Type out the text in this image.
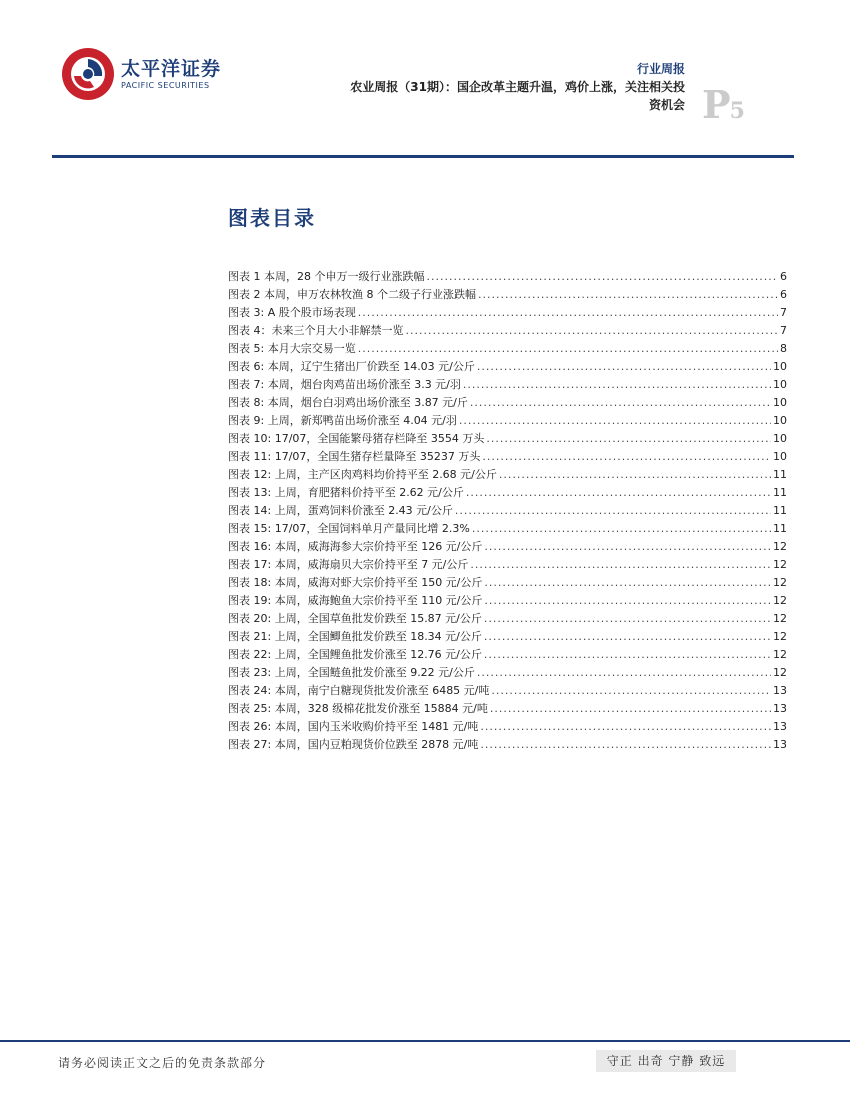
太平洋证券
PACIFIC SECURITIES
行业周报
农业周报（31期）：国企改革主题升温，鸡价上涨，关注相关投
资机会 P5
图表目录
图表 1 本周，28 个申万一级行业涨跌幅 .....	6
图表 2 本周，申万农林牧渔 8 个二级子行业涨跌幅 .....	6
图表 3: A 股个股市场表现 .....	7
图表 4：未来三个月大小非解禁一览 .....	7
图表 5: 本月大宗交易一览 .....	8
图表 6: 本周，辽宁生猪出厂价跌至 14.03 元/公斤 .....	10
图表 7: 本周，烟台肉鸡苗出场价涨至 3.3 元/羽 .....	10
图表 8: 本周，烟台白羽鸡出场价涨至 3.87 元/斤 .....	10
图表 9: 上周，新郑鸭苗出场价涨至 4.04 元/羽 .....	10
图表 10: 17/07，全国能繁母猪存栏降至 3554 万头 .....	10
图表 11: 17/07，全国生猪存栏量降至 35237 万头 .....	10
图表 12: 上周，主产区肉鸡料均价持平至 2.68 元/公斤 .....	11
图表 13: 上周，育肥猪料价持平至 2.62 元/公斤 .....	11
图表 14: 上周，蛋鸡饲料价涨至 2.43 元/公斤 .....	11
图表 15: 17/07，全国饲料单月产量同比增 2.3% .....	11
图表 16: 本周，威海海参大宗价持平至 126 元/公斤 .....	12
图表 17: 本周，威海扇贝大宗价持平至 7 元/公斤 .....	12
图表 18: 本周，威海对虾大宗价持平至 150 元/公斤 .....	12
图表 19: 本周，威海鲍鱼大宗价持平至 110 元/公斤 .....	12
图表 20: 上周，全国草鱼批发价跌至 15.87 元/公斤 .....	12
图表 21: 上周，全国鲫鱼批发价跌至 18.34 元/公斤 .....	12
图表 22: 上周，全国鲤鱼批发价涨至 12.76 元/公斤 .....	12
图表 23: 上周，全国鲢鱼批发价涨至 9.22 元/公斤 .....	12
图表 24: 本周，南宁白糖现货批发价涨至 6485 元/吨 .....	13
图表 25: 本周，328 级棉花批发价涨至 15884 元/吨 .....	13
图表 26: 本周，国内玉米收购价持平至 1481 元/吨 .....	13
图表 27: 本周，国内豆粕现货价位跌至 2878 元/吨 .....	13
请务必阅读正文之后的免责条款部分	守正 出奇 宁静 致远
